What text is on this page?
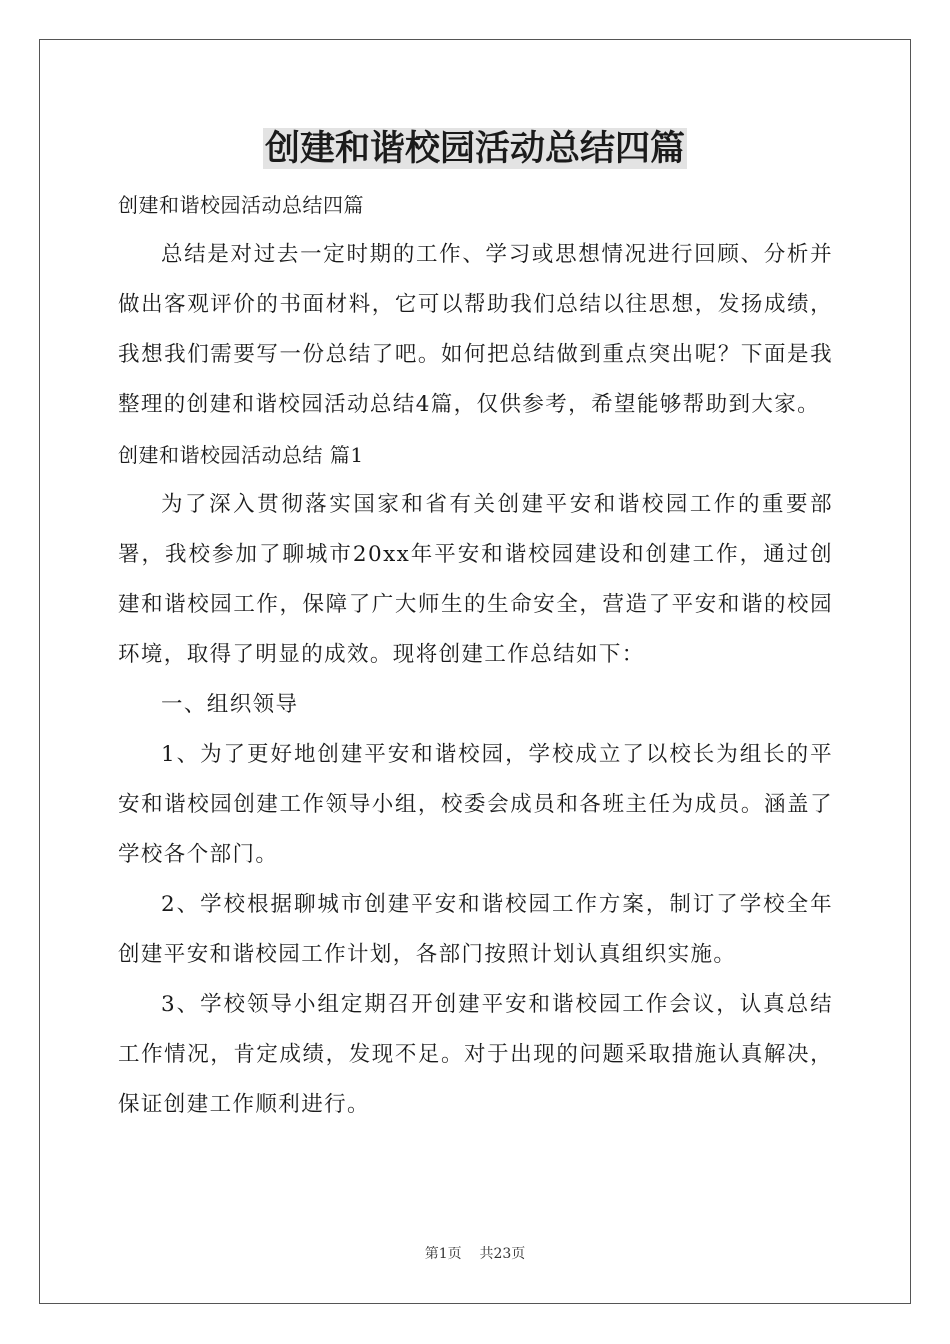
创建和谐校园活动总结四篇

创建和谐校园活动总结四篇

总结是对过去一定时期的工作、学习或思想情况进行回顾、分析并做出客观评价的书面材料，它可以帮助我们总结以往思想，发扬成绩，我想我们需要写一份总结了吧。如何把总结做到重点突出呢？下面是我整理的创建和谐校园活动总结4篇，仅供参考，希望能够帮助到大家。

创建和谐校园活动总结 篇1

为了深入贯彻落实国家和省有关创建平安和谐校园工作的重要部署，我校参加了聊城市20xx年平安和谐校园建设和创建工作，通过创建和谐校园工作，保障了广大师生的生命安全，营造了平安和谐的校园环境，取得了明显的成效。现将创建工作总结如下：

一、组织领导

1、为了更好地创建平安和谐校园，学校成立了以校长为组长的平安和谐校园创建工作领导小组，校委会成员和各班主任为成员。涵盖了学校各个部门。

2、学校根据聊城市创建平安和谐校园工作方案，制订了学校全年创建平安和谐校园工作计划，各部门按照计划认真组织实施。

3、学校领导小组定期召开创建平安和谐校园工作会议，认真总结工作情况，肯定成绩，发现不足。对于出现的问题采取措施认真解决，保证创建工作顺利进行。

第1页    共23页
